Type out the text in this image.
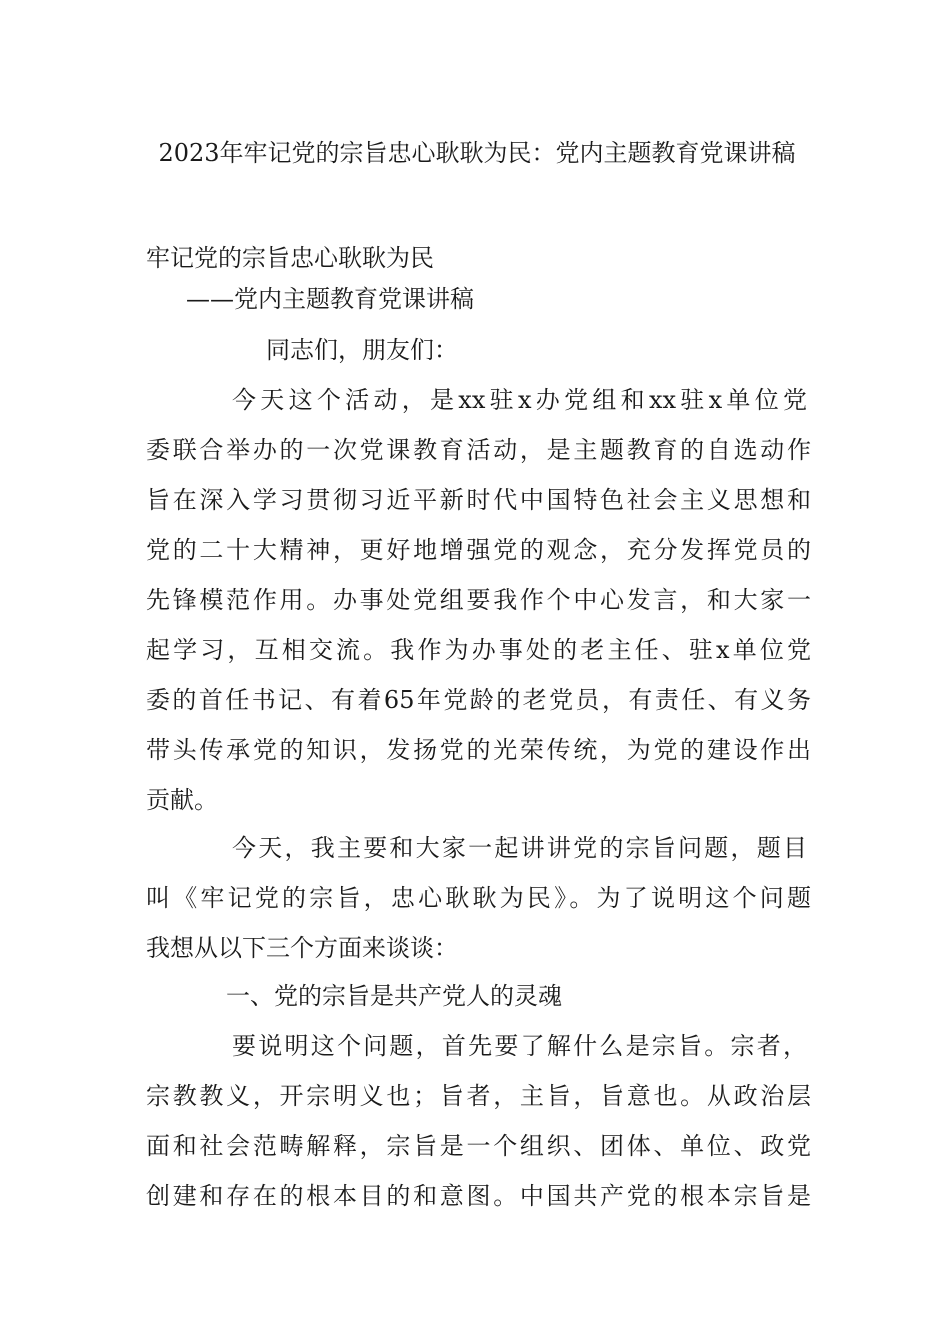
2023年牢记党的宗旨忠心耿耿为民：党内主题教育党课讲稿

牢记党的宗旨忠心耿耿为民

——党内主题教育党课讲稿

同志们，朋友们：

今天这个活动，是xx驻x办党组和xx驻x单位党

委联合举办的一次党课教育活动，是主题教育的自选动作

旨在深入学习贯彻习近平新时代中国特色社会主义思想和

党的二十大精神，更好地增强党的观念，充分发挥党员的

先锋模范作用。办事处党组要我作个中心发言，和大家一

起学习，互相交流。我作为办事处的老主任、驻x单位党

委的首任书记、有着65年党龄的老党员，有责任、有义务

带头传承党的知识，发扬党的光荣传统，为党的建设作出

贡献。

今天，我主要和大家一起讲讲党的宗旨问题，题目

叫《牢记党的宗旨，忠心耿耿为民》。为了说明这个问题

我想从以下三个方面来谈谈：

一、党的宗旨是共产党人的灵魂

要说明这个问题，首先要了解什么是宗旨。宗者，

宗教教义，开宗明义也；旨者，主旨，旨意也。从政治层

面和社会范畴解释，宗旨是一个组织、团体、单位、政党

创建和存在的根本目的和意图。中国共产党的根本宗旨是
